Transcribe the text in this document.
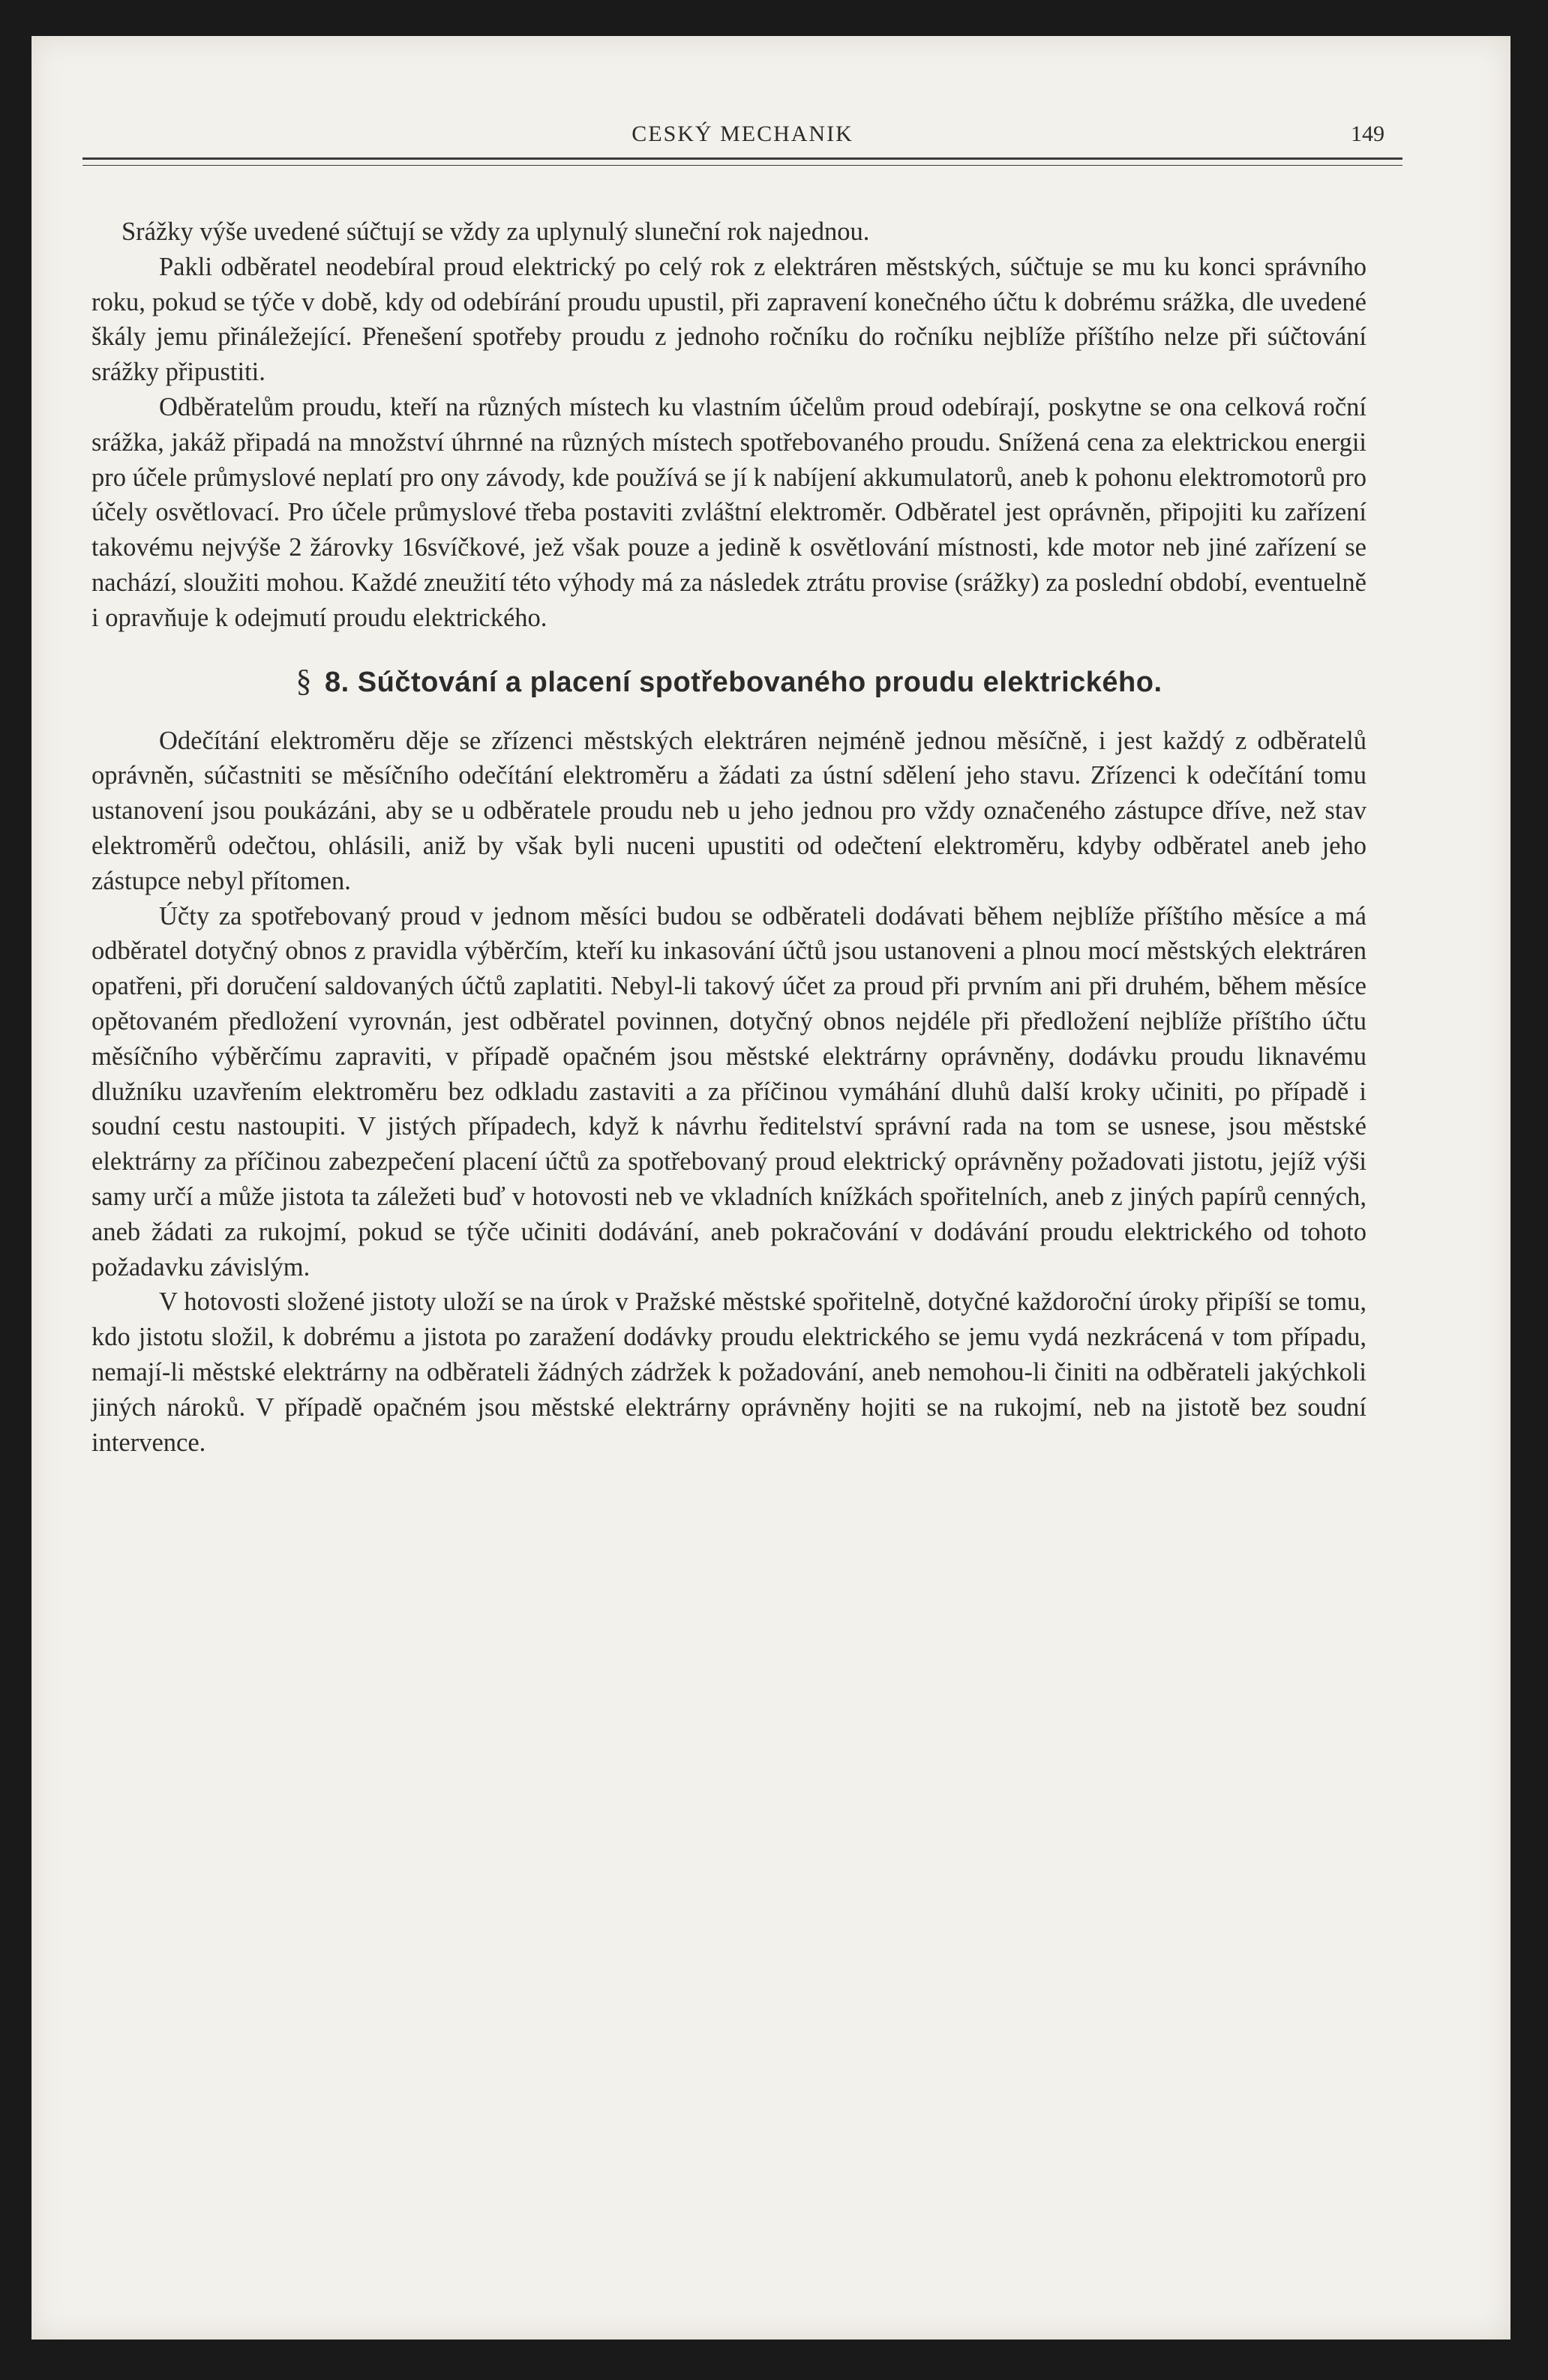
CESKÝ MECHANIK	149

Srážky výše uvedené súčtují se vždy za uplynulý sluneční rok najednou.

Pakli odběratel neodebíral proud elektrický po celý rok z elektráren městských, súčtuje se mu ku konci správního roku, pokud se týče v době, kdy od odebírání proudu upustil, při zapravení konečného účtu k dobrému srážka, dle uvedené škály jemu přináležející. Přenešení spotřeby proudu z jednoho ročníku do ročníku nejblíže příštího nelze při súčtování srážky připustiti.

Odběratelům proudu, kteří na různých místech ku vlastním účelům proud odebírají, poskytne se ona celková roční srážka, jakáž připadá na množství úhrnné na různých místech spotřebovaného proudu. Snížená cena za elektrickou energii pro účele průmyslové neplatí pro ony závody, kde používá se jí k nabíjení akkumulatorů, aneb k pohonu elektromotorů pro účely osvětlovací. Pro účele průmyslové třeba postaviti zvláštní elektroměr. Odběratel jest oprávněn, připojiti ku zařízení takovému nejvýše 2 žárovky 16svíčkové, jež však pouze a jedině k osvětlování místnosti, kde motor neb jiné zařízení se nachází, sloužiti mohou. Každé zneužití této výhody má za následek ztrátu provise (srážky) za poslední období, eventuelně i opravňuje k odejmutí proudu elektrického.

§ 8. Súčtování a placení spotřebovaného proudu elektrického.

Odečítání elektroměru děje se zřízenci městských elektráren nejméně jednou měsíčně, i jest každý z odběratelů oprávněn, súčastniti se měsíčního odečítání elektroměru a žádati za ústní sdělení jeho stavu. Zřízenci k odečítání tomu ustanovení jsou poukázáni, aby se u odběratele proudu neb u jeho jednou pro vždy označeného zástupce dříve, než stav elektroměrů odečtou, ohlásili, aniž by však byli nuceni upustiti od odečtení elektroměru, kdyby odběratel aneb jeho zástupce nebyl přítomen.

Účty za spotřebovaný proud v jednom měsíci budou se odběrateli dodávati během nejblíže příštího měsíce a má odběratel dotyčný obnos z pravidla výběrčím, kteří ku inkasování účtů jsou ustanoveni a plnou mocí městských elektráren opatřeni, při doručení saldovaných účtů zaplatiti. Nebyl-li takový účet za proud při prvním ani při druhém, během měsíce opětovaném předložení vyrovnán, jest odběratel povinnen, dotyčný obnos nejdéle při předložení nejblíže příštího účtu měsíčního výběrčímu zapraviti, v případě opačném jsou městské elektrárny oprávněny, dodávku proudu liknavému dlužníku uzavřením elektroměru bez odkladu zastaviti a za příčinou vymáhání dluhů další kroky učiniti, po případě i soudní cestu nastoupiti. V jistých případech, když k návrhu ředitelství správní rada na tom se usnese, jsou městské elektrárny za příčinou zabezpečení placení účtů za spotřebovaný proud elektrický oprávněny požadovati jistotu, jejíž výši samy určí a může jistota ta záležeti buď v hotovosti neb ve vkladních knížkách spořitelních, aneb z jiných papírů cenných, aneb žádati za rukojmí, pokud se týče učiniti dodávání, aneb pokračování v dodávání proudu elektrického od tohoto požadavku závislým.

V hotovosti složené jistoty uloží se na úrok v Pražské městské spořitelně, dotyčné každoroční úroky připíší se tomu, kdo jistotu složil, k dobrému a jistota po zaražení dodávky proudu elektrického se jemu vydá nezkrácená v tom případu, nemají-li městské elektrárny na odběrateli žádných zádržek k požadování, aneb nemohou-li činiti na odběrateli jakýchkoli jiných nároků. V případě opačném jsou městské elektrárny oprávněny hojiti se na rukojmí, neb na jistotě bez soudní intervence.
